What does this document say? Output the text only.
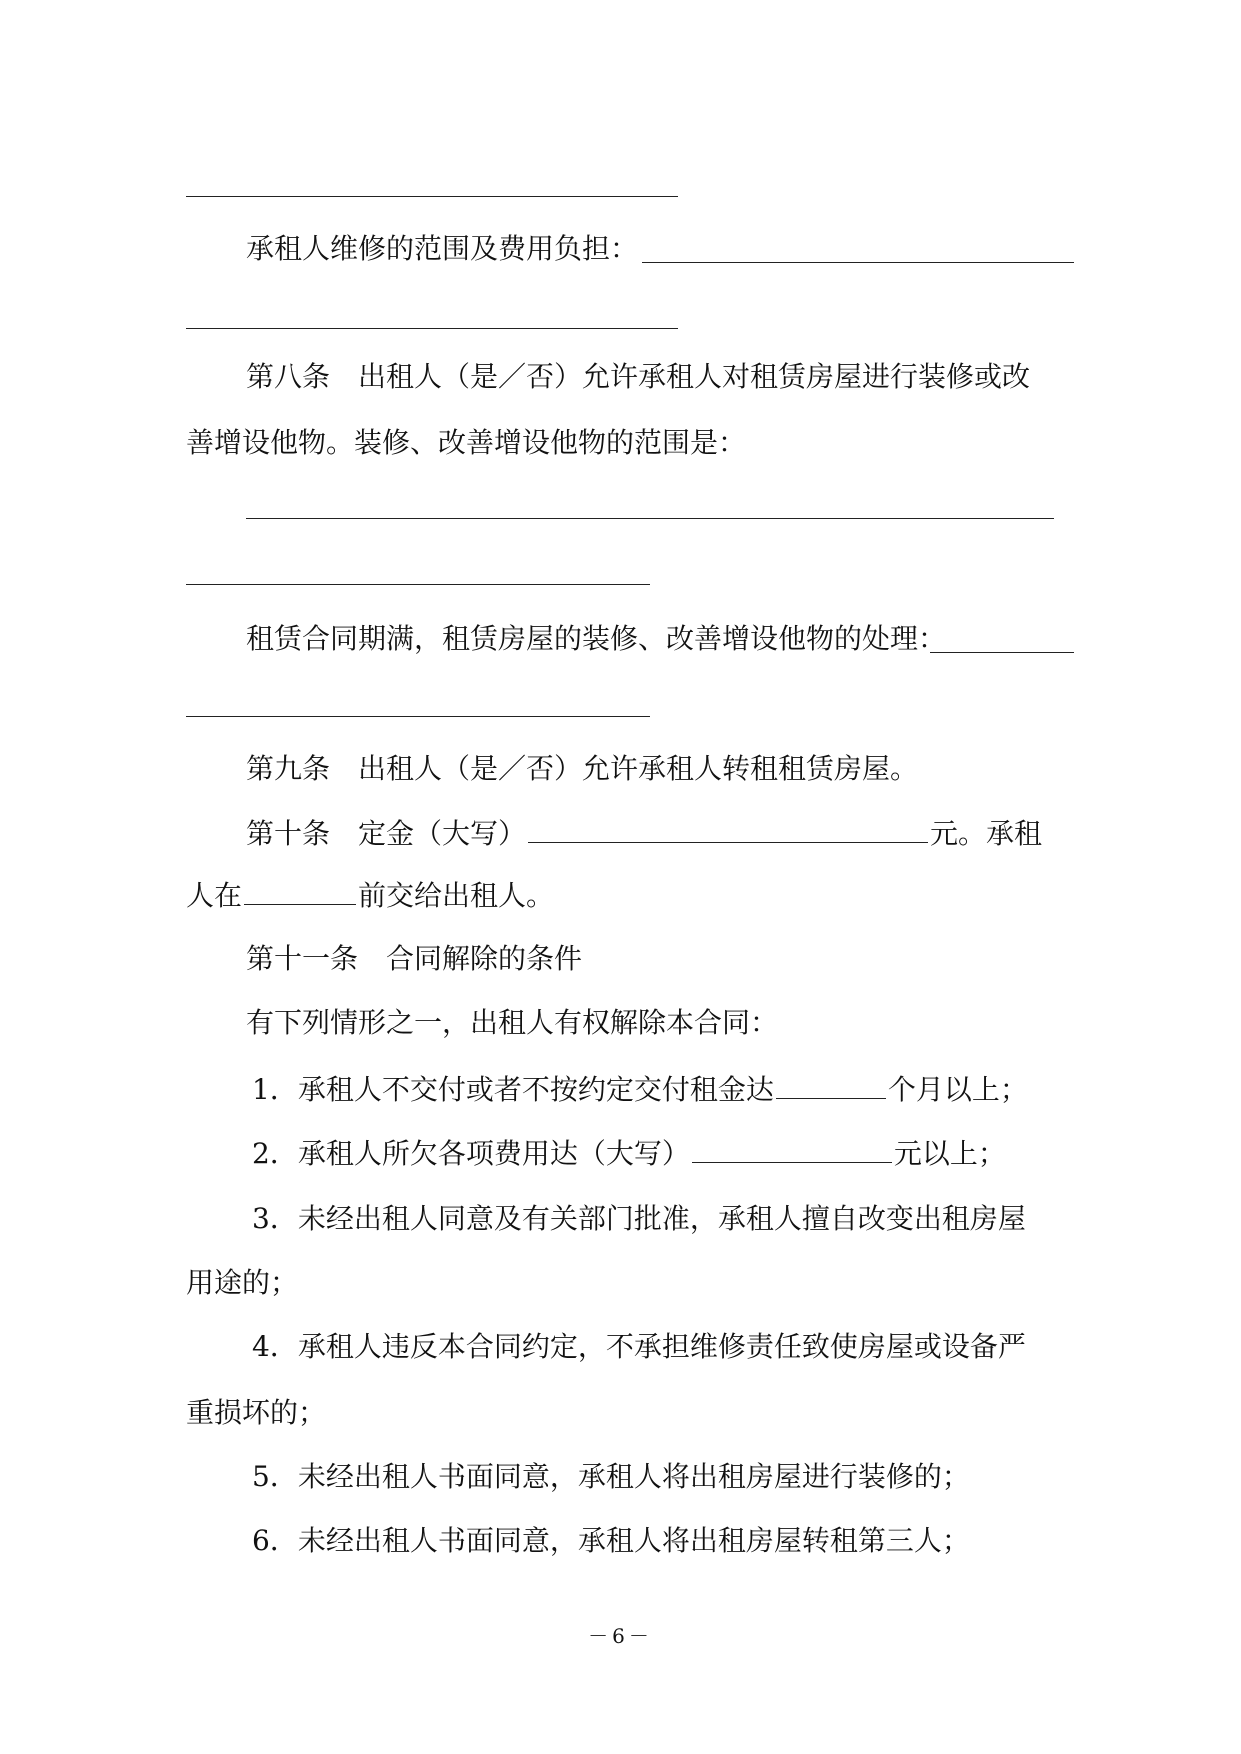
承租人维修的范围及费用负担：
第八条　出租人（是／否）允许承租人对租赁房屋进行装修或改
善增设他物。装修、改善增设他物的范围是：
租赁合同期满，租赁房屋的装修、改善增设他物的处理：
第九条　出租人（是／否）允许承租人转租租赁房屋。
第十条　定金（大写）	元。承租
人在	前交给出租人。
第十一条　合同解除的条件
有下列情形之一，出租人有权解除本合同：
1．承租人不交付或者不按约定交付租金达	个月以上；
2．承租人所欠各项费用达（大写）	元以上；
3．未经出租人同意及有关部门批准，承租人擅自改变出租房屋
用途的；
4．承租人违反本合同约定，不承担维修责任致使房屋或设备严
重损坏的；
5．未经出租人书面同意，承租人将出租房屋进行装修的；
6．未经出租人书面同意，承租人将出租房屋转租第三人；
－6－
